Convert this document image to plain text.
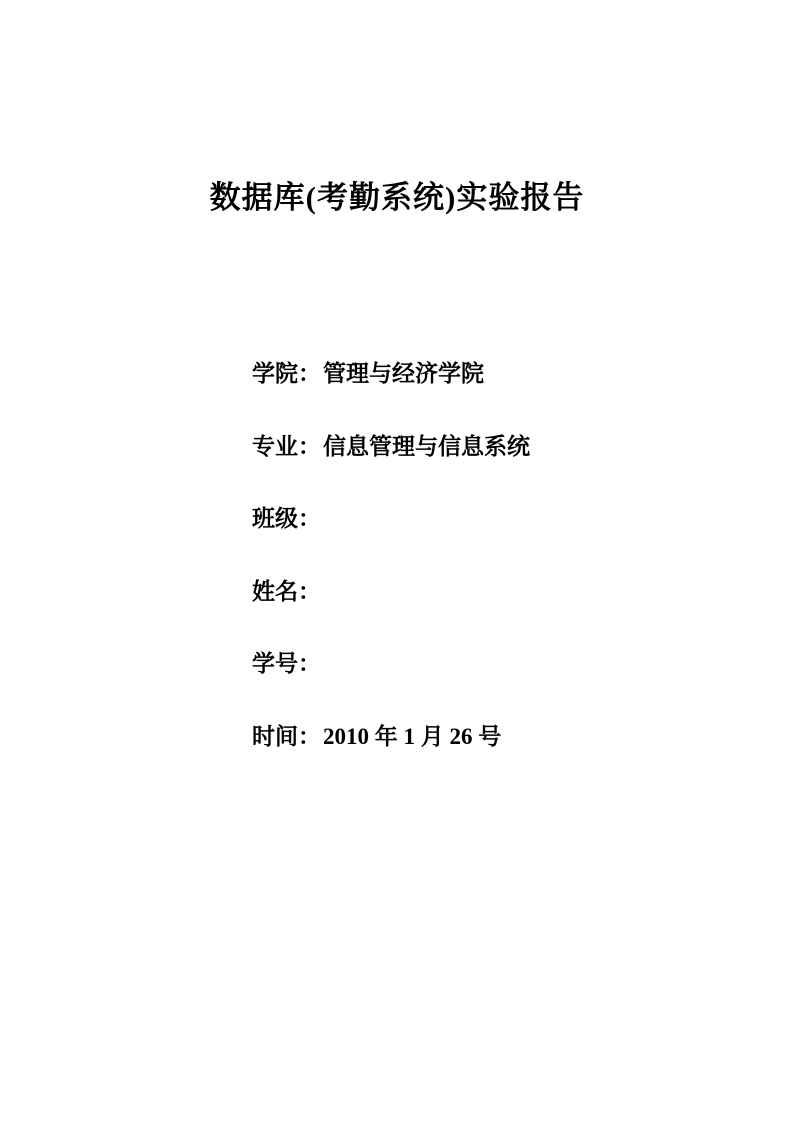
数据库(考勤系统)实验报告
学院：管理与经济学院
专业：信息管理与信息系统
班级：
姓名：
学号：
时间：2010 年 1 月 26 号
